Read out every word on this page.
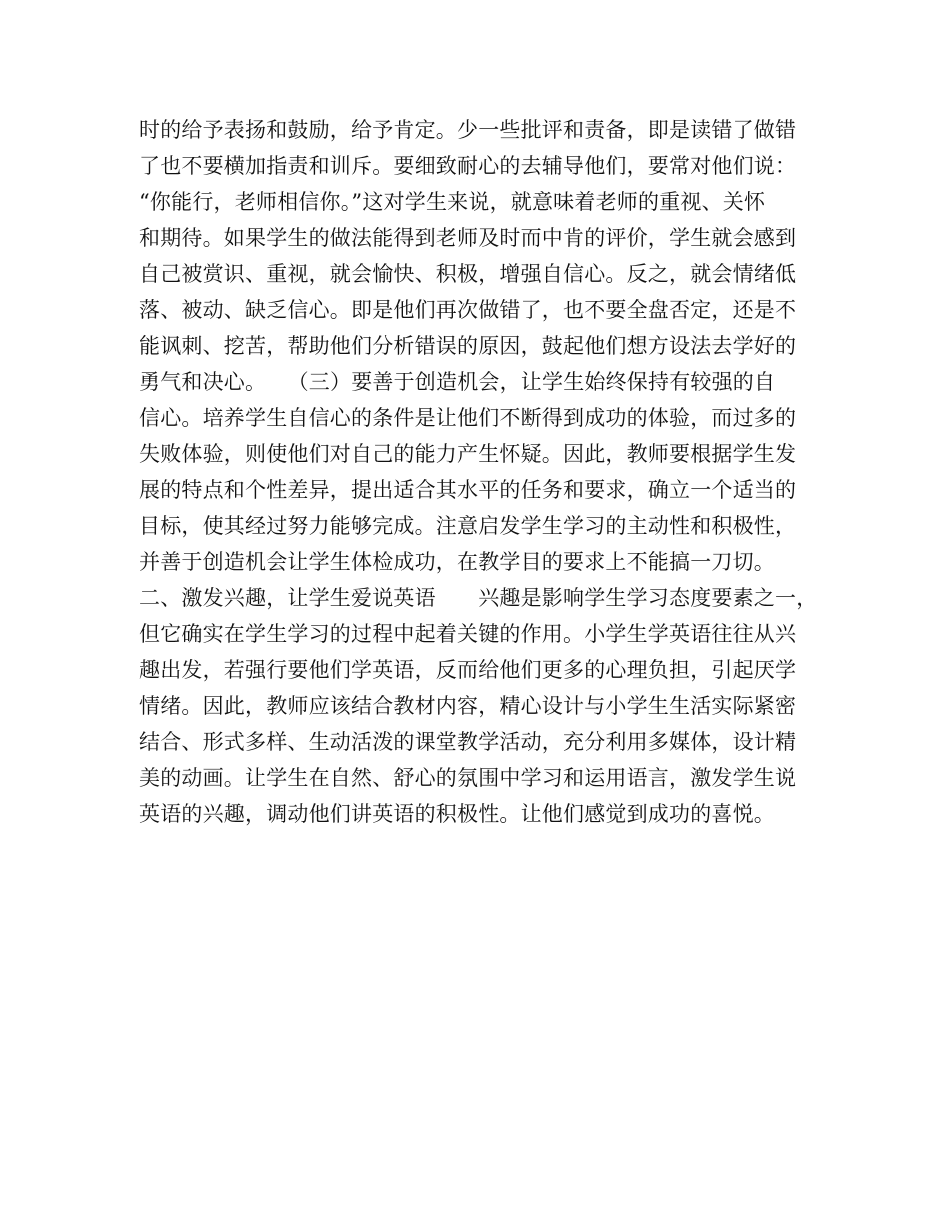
时的给予表扬和鼓励，给予肯定。少一些批评和责备，即是读错了做错
了也不要横加指责和训斥。要细致耐心的去辅导他们，要常对他们说：
“你能行，老师相信你。”这对学生来说，就意味着老师的重视、关怀
和期待。如果学生的做法能得到老师及时而中肯的评价，学生就会感到
自己被赏识、重视，就会愉快、积极，增强自信心。反之，就会情绪低
落、被动、缺乏信心。即是他们再次做错了，也不要全盘否定，还是不
能讽刺、挖苦，帮助他们分析错误的原因，鼓起他们想方设法去学好的
勇气和决心。　　（三）要善于创造机会，让学生始终保持有较强的自
信心。培养学生自信心的条件是让他们不断得到成功的体验，而过多的
失败体验，则使他们对自己的能力产生怀疑。因此，教师要根据学生发
展的特点和个性差异，提出适合其水平的任务和要求，确立一个适当的
目标，使其经过努力能够完成。注意启发学生学习的主动性和积极性，
并善于创造机会让学生体检成功，在教学目的要求上不能搞一刀切。
二、激发兴趣，让学生爱说英语　　兴趣是影响学生学习态度要素之一，
但它确实在学生学习的过程中起着关键的作用。小学生学英语往往从兴
趣出发，若强行要他们学英语，反而给他们更多的心理负担，引起厌学
情绪。因此，教师应该结合教材内容，精心设计与小学生生活实际紧密
结合、形式多样、生动活泼的课堂教学活动，充分利用多媒体，设计精
美的动画。让学生在自然、舒心的氛围中学习和运用语言，激发学生说
英语的兴趣，调动他们讲英语的积极性。让他们感觉到成功的喜悦。
